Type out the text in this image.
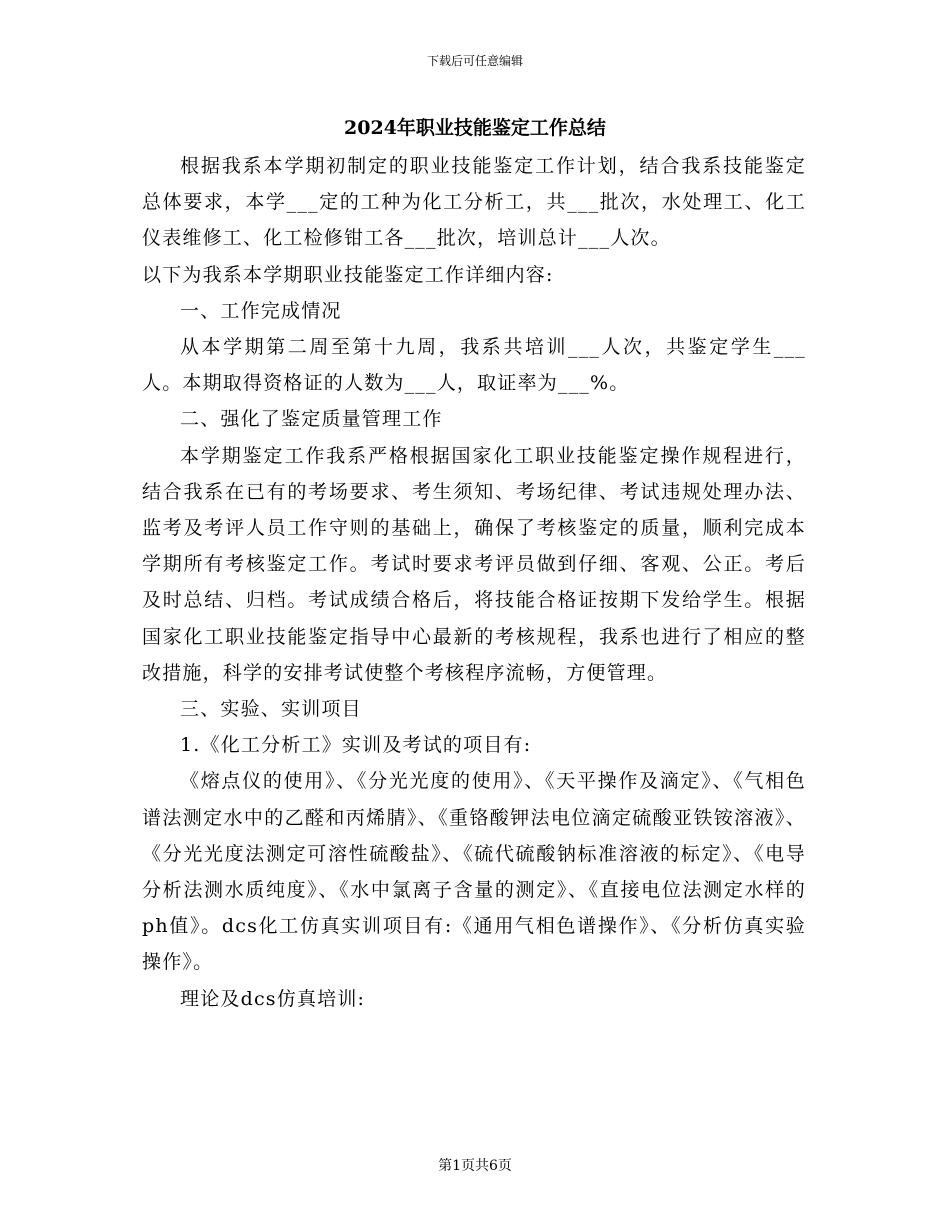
下载后可任意编辑
2024年职业技能鉴定工作总结

根据我系本学期初制定的职业技能鉴定工作计划，结合我系技能鉴定总体要求，本学___定的工种为化工分析工，共___批次，水处理工、化工仪表维修工、化工检修钳工各___批次，培训总计___人次。

以下为我系本学期职业技能鉴定工作详细内容:

一、工作完成情况

从本学期第二周至第十九周，我系共培训___人次，共鉴定学生___人。本期取得资格证的人数为___人，取证率为___%。

二、强化了鉴定质量管理工作

本学期鉴定工作我系严格根据国家化工职业技能鉴定操作规程进行，结合我系在已有的考场要求、考生须知、考场纪律、考试违规处理办法、监考及考评人员工作守则的基础上，确保了考核鉴定的质量，顺利完成本学期所有考核鉴定工作。考试时要求考评员做到仔细、客观、公正。考后及时总结、归档。考试成绩合格后，将技能合格证按期下发给学生。根据国家化工职业技能鉴定指导中心最新的考核规程，我系也进行了相应的整改措施，科学的安排考试使整个考核程序流畅，方便管理。

三、实验、实训项目

1.《化工分析工》实训及考试的项目有:

《熔点仪的使用》、《分光光度的使用》、《天平操作及滴定》、《气相色谱法测定水中的乙醛和丙烯腈》、《重铬酸钾法电位滴定硫酸亚铁铵溶液》、《分光光度法测定可溶性硫酸盐》、《硫代硫酸钠标准溶液的标定》、《电导分析法测水质纯度》、《水中氯离子含量的测定》、《直接电位法测定水样的ph值》。dcs化工仿真实训项目有:《通用气相色谱操作》、《分析仿真实验操作》。

理论及dcs仿真培训:

第1页共6页
